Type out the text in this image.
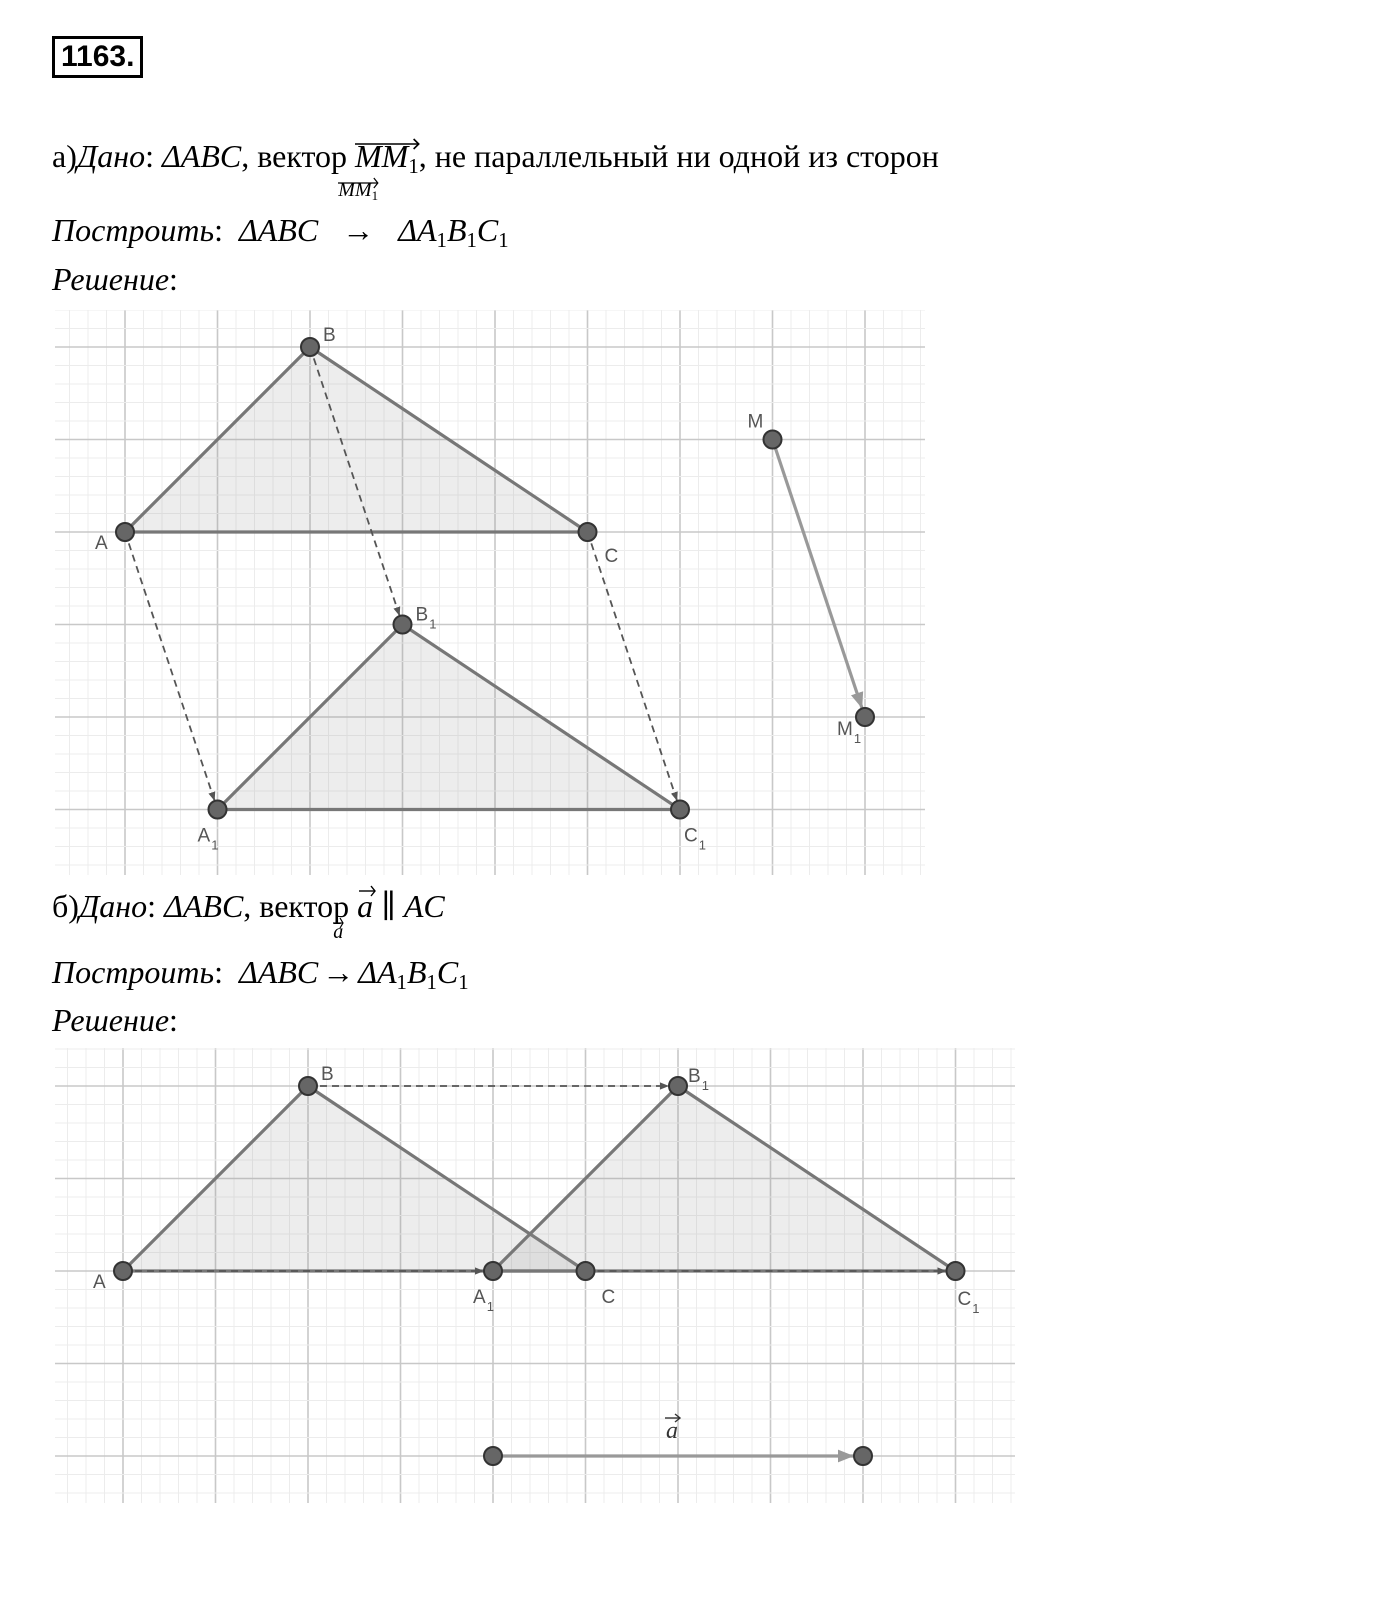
1163.
а)Дано: ΔABC, вектор $MM_1$, не параллельный ни одной из сторон
Построить: ΔABC
$MM_1$
→ $\Delta A_1B_1C_1$
Решение:
A
B
C
$A_1$
$B_1$
$C_1$
M
$M_1$
б)Дано: ΔABC, вектор a ∥ AC
Построить: ΔABC
a
→ $\Delta A_1B_1C_1$
Решение:
a
A
B
C
$A_1$
$B_1$
$C_1$
